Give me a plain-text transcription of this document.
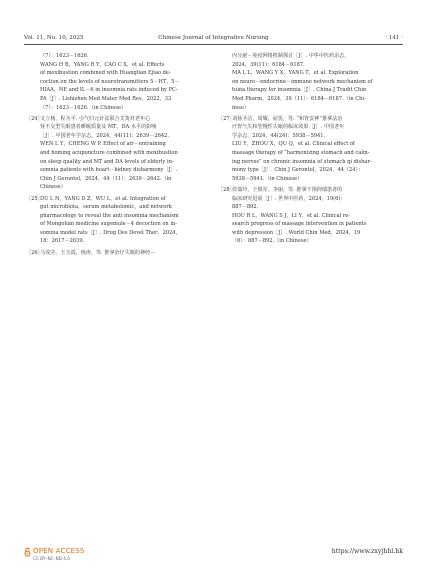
Vol. 11, No. 10, 2025	Chinese Journal of Integrative Nursing	· 141 ·
（7）：1623－1626.
WANG H B，YANG R Y，CAO C X，et al. Effects
of moxibustion combined with Huanglian Ejiao de-
coction on the levels of neurotransmitters 5－HT，5－
HIAA，NE and IL－6 in insomnia rats induced by PC-
PA［J］. Lishizhen Med Mater Med Res，2022，33
（7）：1623－1626.（in Chinese）
［24］
文立杨，程为平. 引气归元针法联合艾灸对老年心
肾不交型失眠患者睡眠质量及 MT、DA 水平的影响
［J］. 中国老年学杂志，2024，44(11)：2639－2642.
WEN L Y，CHENG W P. Effect of air－entraining
and homing acupuncture combined with moxibustion
on sleep quality and MT and DA levels of elderly in-
somnia patients with heart－kidney disharmony［J］.
Chin J Gerontol，2024，44（11）：2639－2642.（in
Chinese）
［25］
DU L N，YANG D Z，WU L，et al. Integration of
gut microbiota，serum metabolomic，and network
pharmacology to reveal the anti insomnia mechanism
of Mongolian medicine sugemule－4 decoction on in-
somnia model rats［J］. Drug Des Devel Ther，2024，
18：2617－2639.
［26］
马茂莹，王玉霞，杨涛，等. 推拿治疗失眠的神经－
内分泌－免疫网络机制探讨［J］. 中华中医药杂志，
2024，39(11)：6184－6187.
MA L L，WANG Y X，YANG T，et al. Exploration
on neuro－endocrine－immune network mechanism of
tuina therapy for insomnia［J］. China J Tradit Chin
Med Pharm，2024，39（11）：6184－6187.（in Chi-
nese）
［27］
刘扬圣洁，周耀，屈优，等. “和胃安神”推拿法治
疗胃气失和型慢性失眠的临床效果［J］. 中国老年
学杂志，2024，44(24)：5938－5941.
LIU Y，ZHOU X，QU Q，et al. Clinical effect of
massage therapy of “harmonizing stomach and calm-
ing nerves” on chronic insomnia of stomach qi dishar-
mony type［J］. Chin J Gerontol，2024，44（24）：
5938－5941.（in Chinese）
［28］
侯瑞玲，王慎军，李丽，等. 推拿干预抑郁患者的
临床研究进展［J］. 世界中医药，2024，19(6)：
887－892.
HOU R L，WANG S J，LI Y，et al. Clinical re-
search progress of massage intervention in patients
with depression［J］. World Chin Med，2024，19
（6）：887－892.（in Chinese）
OPEN ACCESS
CC BY–NC–ND 4.0
https://www.zxyjhhl.hk
